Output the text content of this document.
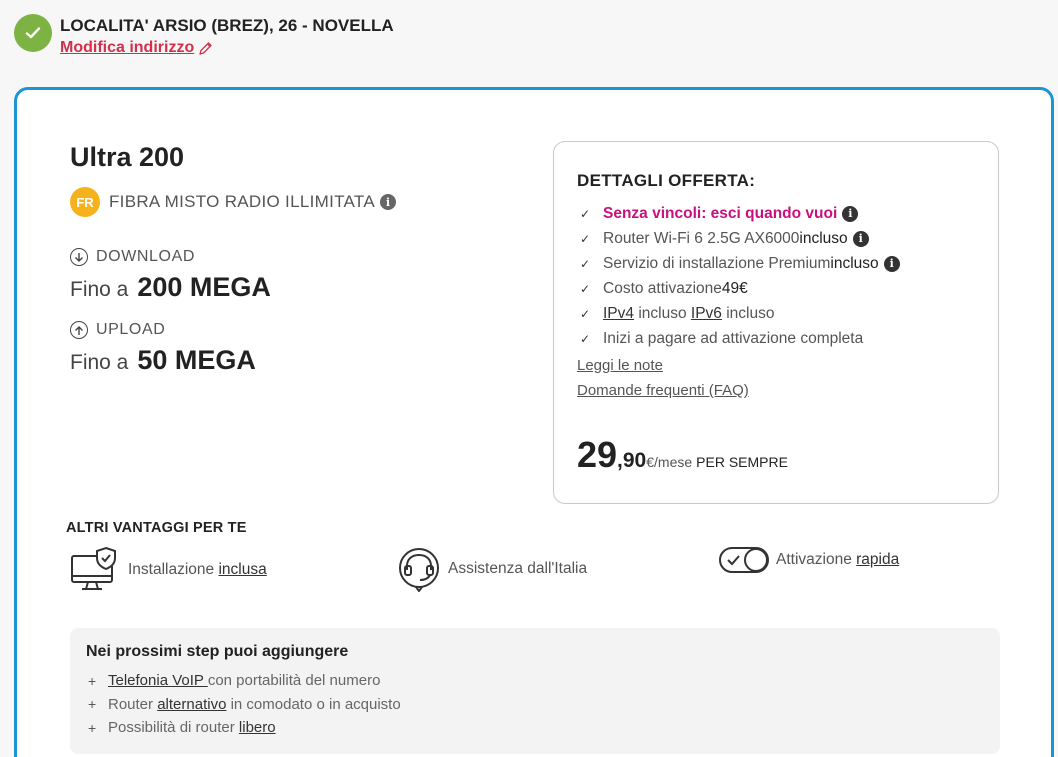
LOCALITA' ARSIO (BREZ), 26 - NOVELLA
Modifica indirizzo
Ultra 200
FR FIBRA MISTO RADIO ILLIMITATA i
DOWNLOAD
Fino a 200 MEGA
UPLOAD
Fino a 50 MEGA
DETTAGLI OFFERTA:
✓ Senza vincoli: esci quando vuoi i
✓ Router Wi-Fi 6 2.5G AX6000 incluso i
✓ Servizio di installazione Premium incluso i
✓ Costo attivazione 49€
✓ IPv4 incluso IPv6 incluso
✓ Inizi a pagare ad attivazione completa
Leggi le note
Domande frequenti (FAQ)
29 ,90 €/mese PER SEMPRE
ALTRI VANTAGGI PER TE
Installazione inclusa	Assistenza dall'Italia
Attivazione rapida
Nei prossimi step puoi aggiungere
+ Telefonia VoIP con portabilità del numero
+ Router alternativo in comodato o in acquisto
+ Possibilità di router libero
